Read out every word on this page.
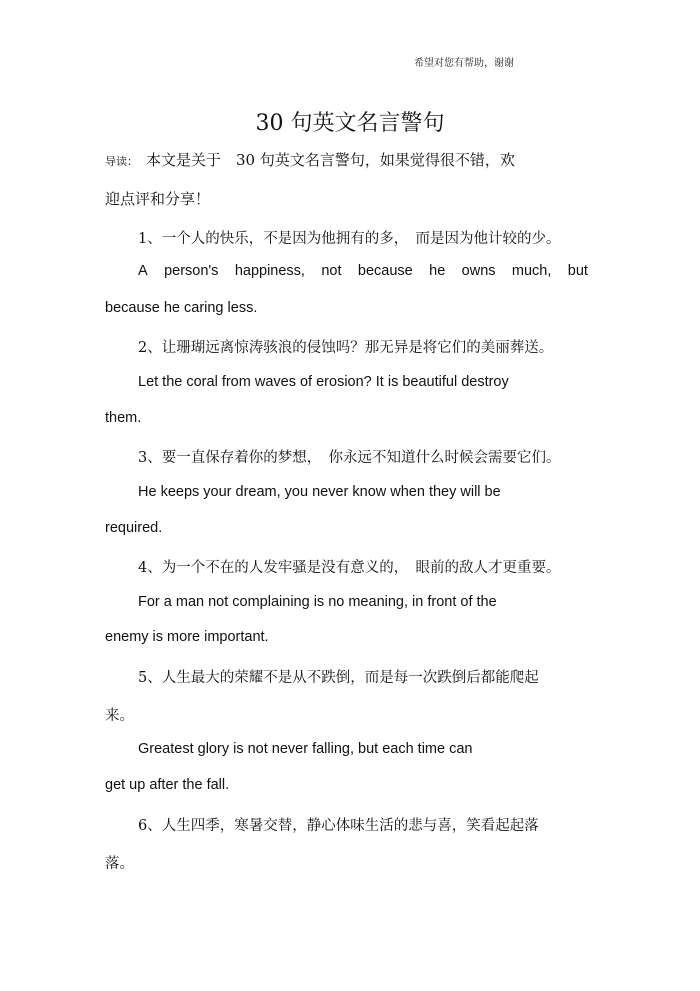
希望对您有帮助，谢谢
30 句英文名言警句
导读： 本文是关于　30 句英文名言警句，如果觉得很不错，欢
迎点评和分享！
1、一个人的快乐，不是因为他拥有的多，　而是因为他计较的少。
A person's happiness, not because he owns much, but
because he caring less.
2、让珊瑚远离惊涛骇浪的侵蚀吗？那无异是将它们的美丽葬送。
Let the coral from waves of erosion? It is beautiful destroy
them.
3、要一直保存着你的梦想，　你永远不知道什么时候会需要它们。
He keeps your dream, you never know when they will be
required.
4、为一个不在的人发牢骚是没有意义的，　眼前的敌人才更重要。
For a man not complaining is no meaning, in front of the
enemy is more important.
5、人生最大的荣耀不是从不跌倒，而是每一次跌倒后都能爬起
来。
Greatest glory is not never falling, but each time can
get up after the fall.
6、人生四季，寒暑交替，静心体味生活的悲与喜，笑看起起落
落。
